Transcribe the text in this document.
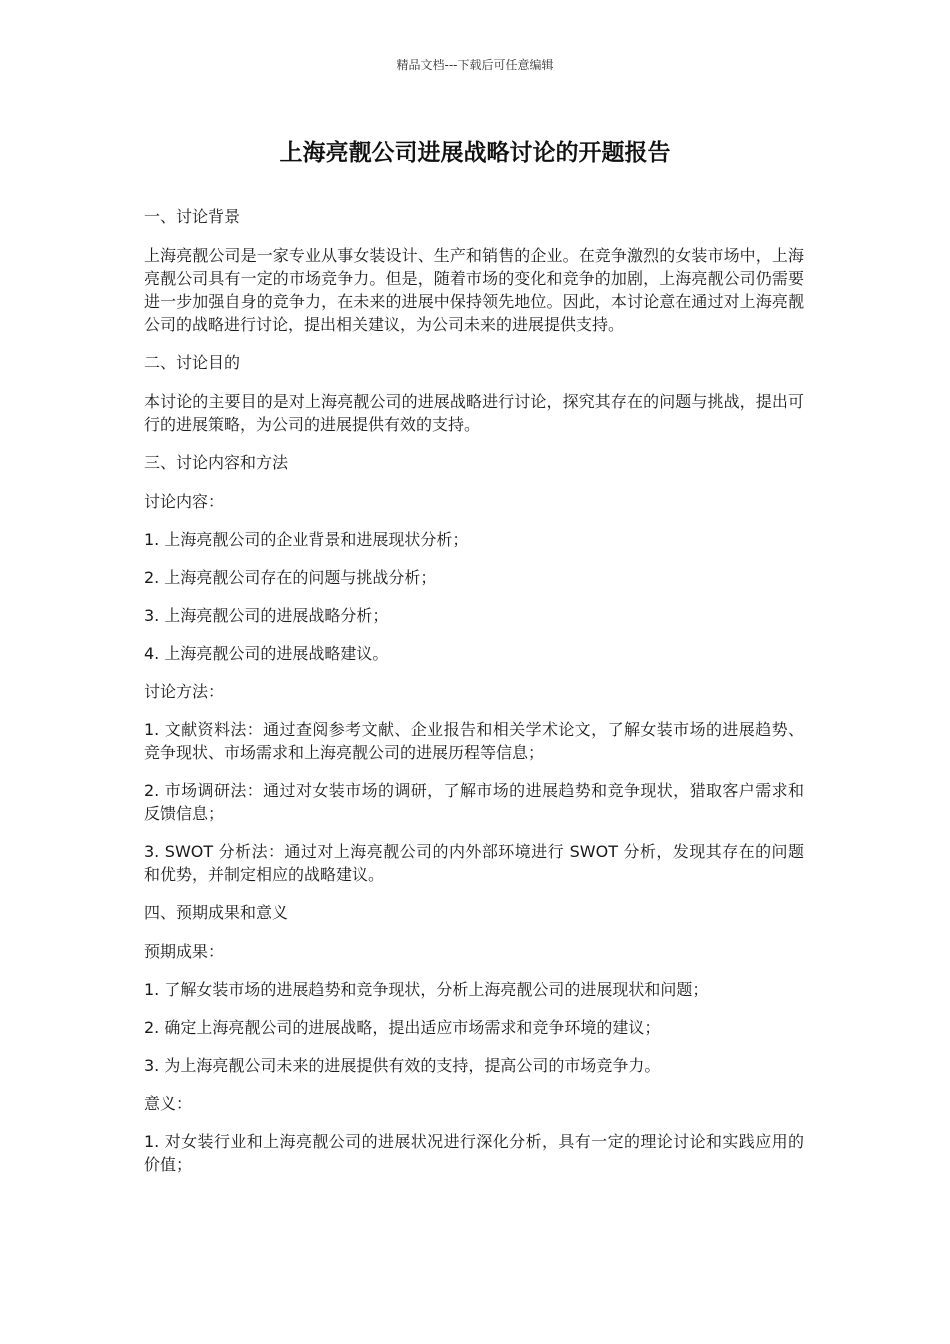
精品文档---下载后可任意编辑
上海亮靓公司进展战略讨论的开题报告

一、讨论背景

上海亮靓公司是一家专业从事女装设计、生产和销售的企业。在竞争激烈的女装市场中，上海亮靓公司具有一定的市场竞争力。但是，随着市场的变化和竞争的加剧，上海亮靓公司仍需要进一步加强自身的竞争力，在未来的进展中保持领先地位。因此，本讨论意在通过对上海亮靓公司的战略进行讨论，提出相关建议，为公司未来的进展提供支持。

二、讨论目的

本讨论的主要目的是对上海亮靓公司的进展战略进行讨论，探究其存在的问题与挑战，提出可行的进展策略，为公司的进展提供有效的支持。

三、讨论内容和方法

讨论内容：

1. 上海亮靓公司的企业背景和进展现状分析；

2. 上海亮靓公司存在的问题与挑战分析；

3. 上海亮靓公司的进展战略分析；

4. 上海亮靓公司的进展战略建议。

讨论方法：

1. 文献资料法：通过查阅参考文献、企业报告和相关学术论文，了解女装市场的进展趋势、竞争现状、市场需求和上海亮靓公司的进展历程等信息；

2. 市场调研法：通过对女装市场的调研，了解市场的进展趋势和竞争现状，猎取客户需求和反馈信息；

3. SWOT 分析法：通过对上海亮靓公司的内外部环境进行 SWOT 分析，发现其存在的问题和优势，并制定相应的战略建议。

四、预期成果和意义

预期成果：

1. 了解女装市场的进展趋势和竞争现状，分析上海亮靓公司的进展现状和问题；

2. 确定上海亮靓公司的进展战略，提出适应市场需求和竞争环境的建议；

3. 为上海亮靓公司未来的进展提供有效的支持，提高公司的市场竞争力。

意义：

1. 对女装行业和上海亮靓公司的进展状况进行深化分析，具有一定的理论讨论和实践应用的价值；
